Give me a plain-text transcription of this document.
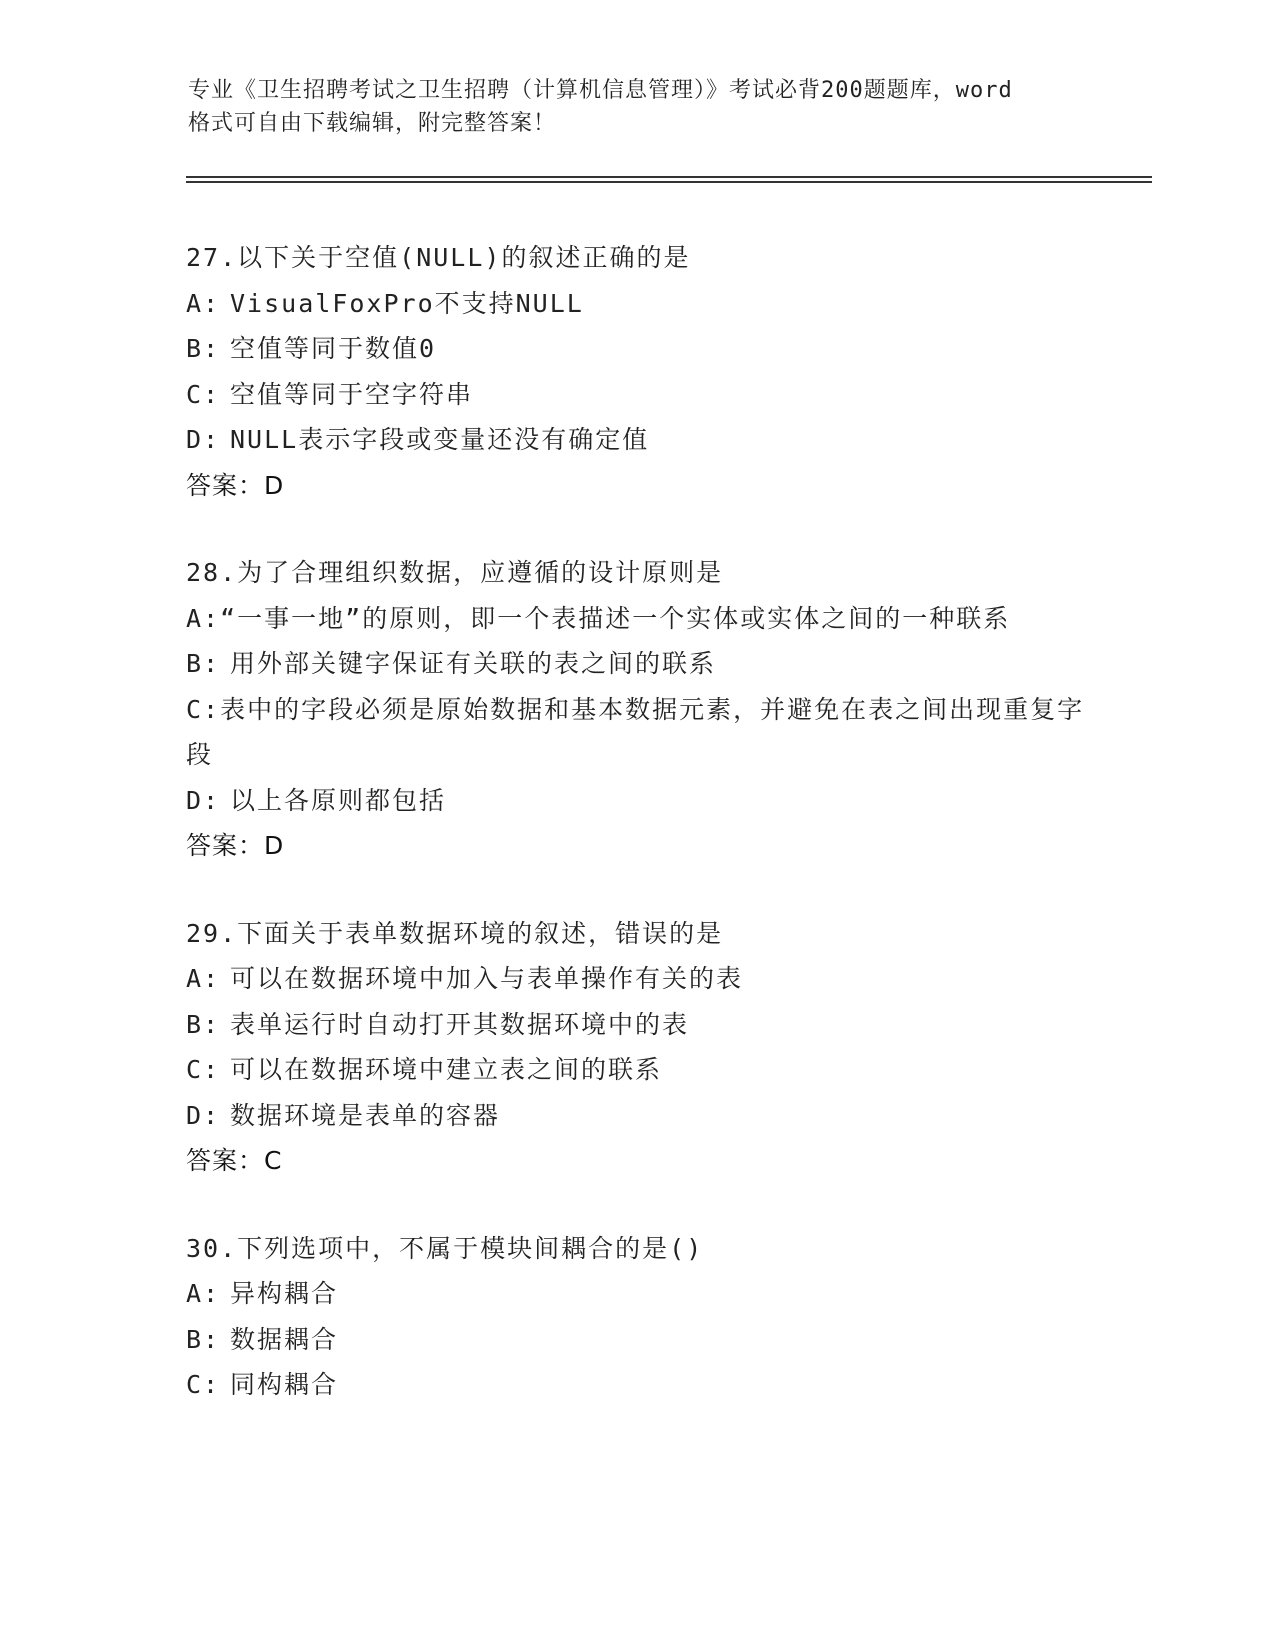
专业《卫生招聘考试之卫生招聘（计算机信息管理）》考试必背200题题库，word
格式可自由下载编辑，附完整答案！
27.以下关于空值(NULL)的叙述正确的是
A: VisualFoxPro不支持NULL
B: 空值等同于数值0
C: 空值等同于空字符串
D: NULL表示字段或变量还没有确定值
答案：D
28.为了合理组织数据，应遵循的设计原则是
A:“一事一地”的原则，即一个表描述一个实体或实体之间的一种联系
B: 用外部关键字保证有关联的表之间的联系
C:表中的字段必须是原始数据和基本数据元素，并避免在表之间出现重复字段
D: 以上各原则都包括
答案：D
29.下面关于表单数据环境的叙述，错误的是
A: 可以在数据环境中加入与表单操作有关的表
B: 表单运行时自动打开其数据环境中的表
C: 可以在数据环境中建立表之间的联系
D: 数据环境是表单的容器
答案：C
30.下列选项中，不属于模块间耦合的是()
A: 异构耦合
B: 数据耦合
C: 同构耦合
